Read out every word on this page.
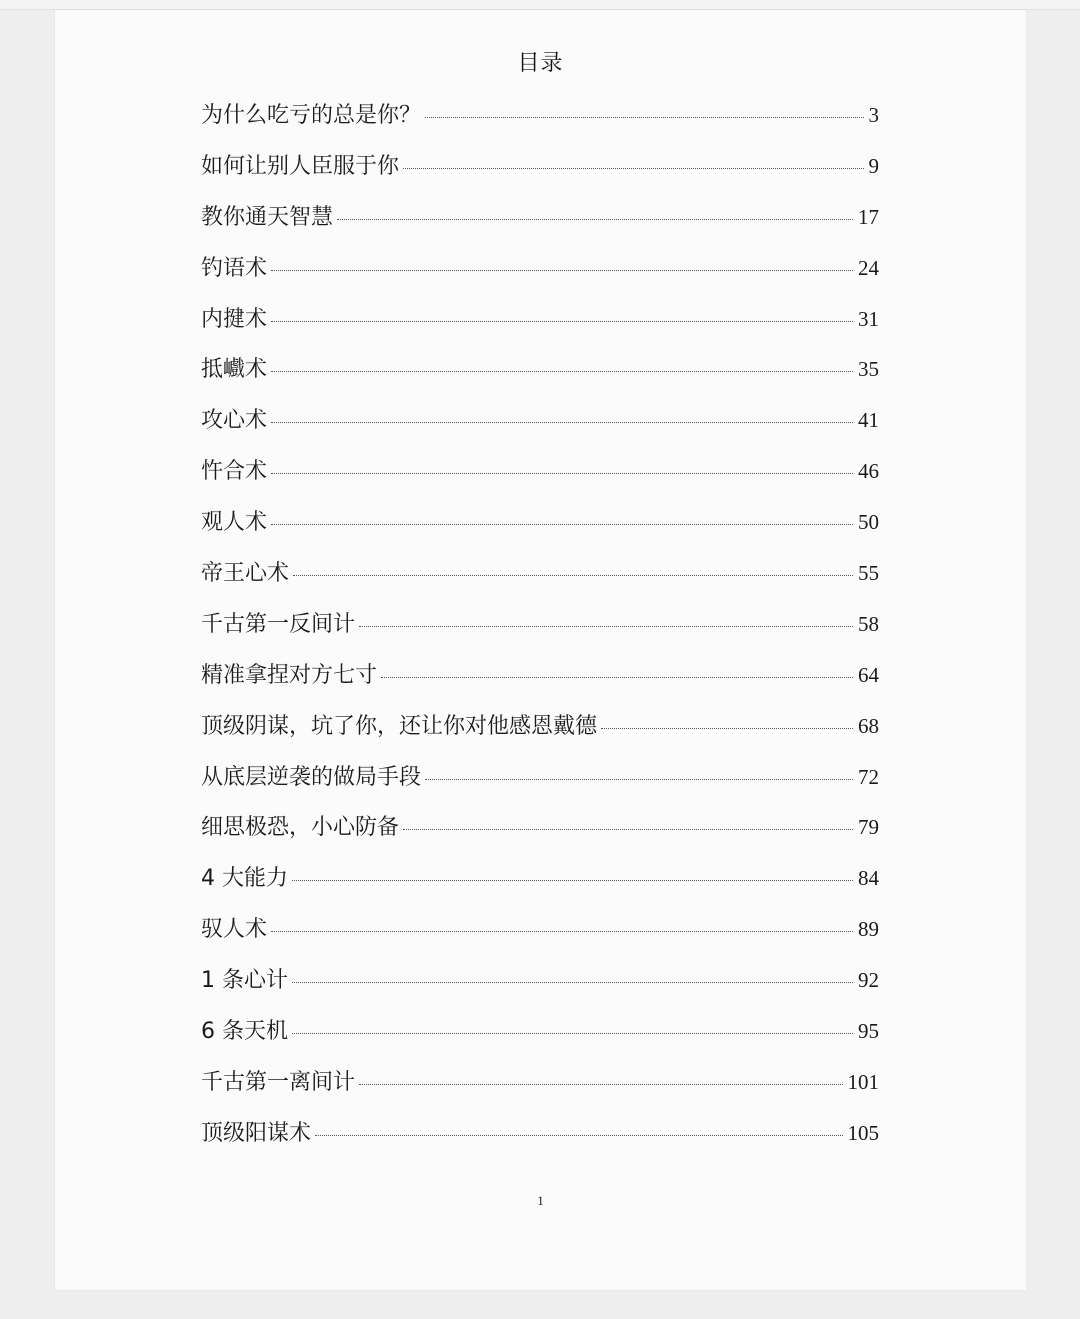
目录
为什么吃亏的总是你？	3
如何让别人臣服于你	9
教你通天智慧	17
钓语术	24
内揵术	31
抵巇术	35
攻心术	41
忤合术	46
观人术	50
帝王心术	55
千古第一反间计	58
精准拿捏对方七寸	64
顶级阴谋，坑了你，还让你对他感恩戴德	68
从底层逆袭的做局手段	72
细思极恐，小心防备	79
4 大能力	84
驭人术	89
1 条心计	92
6 条天机	95
千古第一离间计	101
顶级阳谋术	105
1
